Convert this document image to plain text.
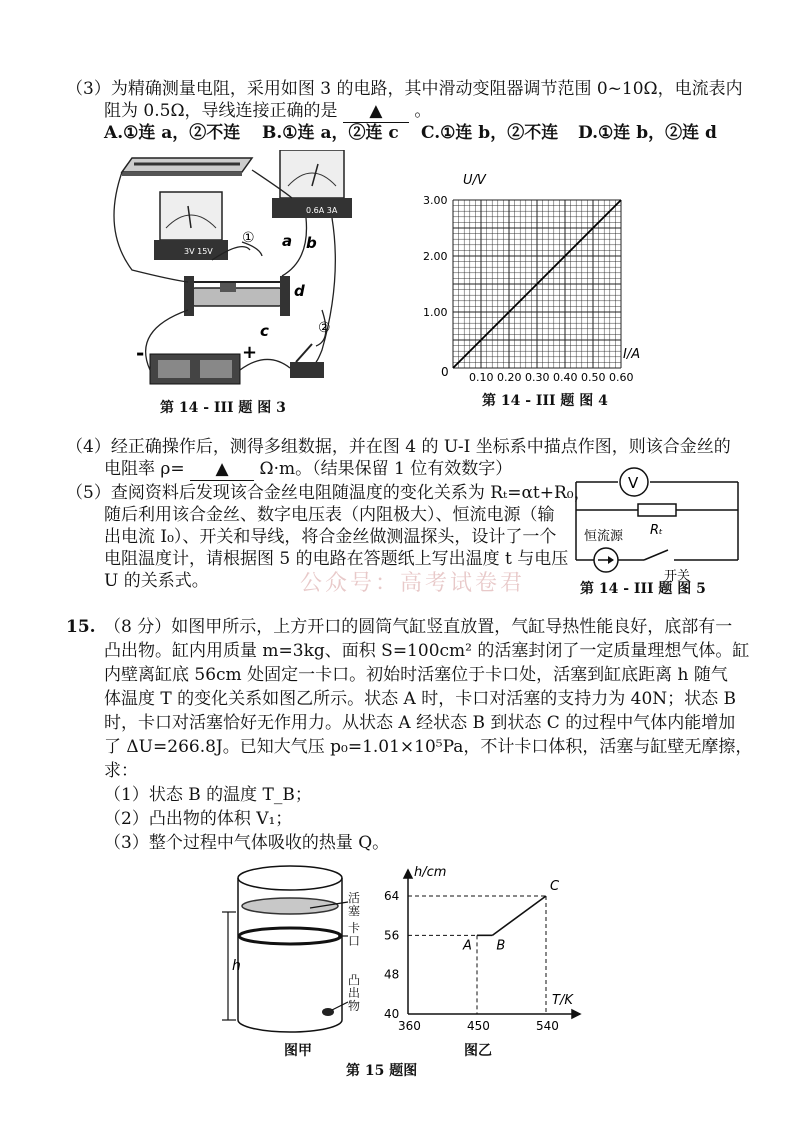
（3）为精确测量电阻，采用如图 3 的电路，其中滑动变阻器调节范围 0~10Ω，电流表内
阻为 0.5Ω，导线连接正确的是 ▲ 。
A.①连 a，②不连 B.①连 a，②连 c C.①连 b，②不连 D.①连 b，②连 d
0.6A 3A
3V 15V
①
②
a b
c
d
-	+
第 14 - III 题 图 3
U/V
I/A
0
3.00
2.00
1.00
0.10 0.20 0.30 0.40 0.50 0.60
第 14 - III 题 图 4
（4）经正确操作后，测得多组数据，并在图 4 的 U-I 坐标系中描点作图，则该合金丝的
电阻率 ρ= ▲ Ω·m。（结果保留 1 位有效数字）
（5）查阅资料后发现该合金丝电阻随温度的变化关系为 Rₜ=αt+R₀，
随后利用该合金丝、数字电压表（内阻极大）、恒流电源（输
出电流 I₀）、开关和导线，将合金丝做测温探头，设计了一个
电阻温度计，请根据图 5 的电路在答题纸上写出温度 t 与电压
U 的关系式。	公众号：高考试卷君
V
Rₜ
恒流源
开关
第 14 - III 题 图 5
15. （8 分）如图甲所示，上方开口的圆筒气缸竖直放置，气缸导热性能良好，底部有一
凸出物。缸内用质量 m=3kg、面积 S=100cm² 的活塞封闭了一定质量理想气体。缸
内壁离缸底 56cm 处固定一卡口。初始时活塞位于卡口处，活塞到缸底距离 h 随气
体温度 T 的变化关系如图乙所示。状态 A 时，卡口对活塞的支持力为 40N；状态 B
时，卡口对活塞恰好无作用力。从状态 A 经状态 B 到状态 C 的过程中气体内能增加
了 ΔU=266.8J。已知大气压 p₀=1.01×10⁵Pa，不计卡口体积，活塞与缸壁无摩擦，
求：
（1）状态 B 的温度 T_B；
（2）凸出物的体积 V₁；
（3）整个过程中气体吸收的热量 Q。
h
活塞
卡口
凸出物
图甲
A B
C
h/cm
T/K
64
56
48
40
360	450	540
图乙
第 15 题图
